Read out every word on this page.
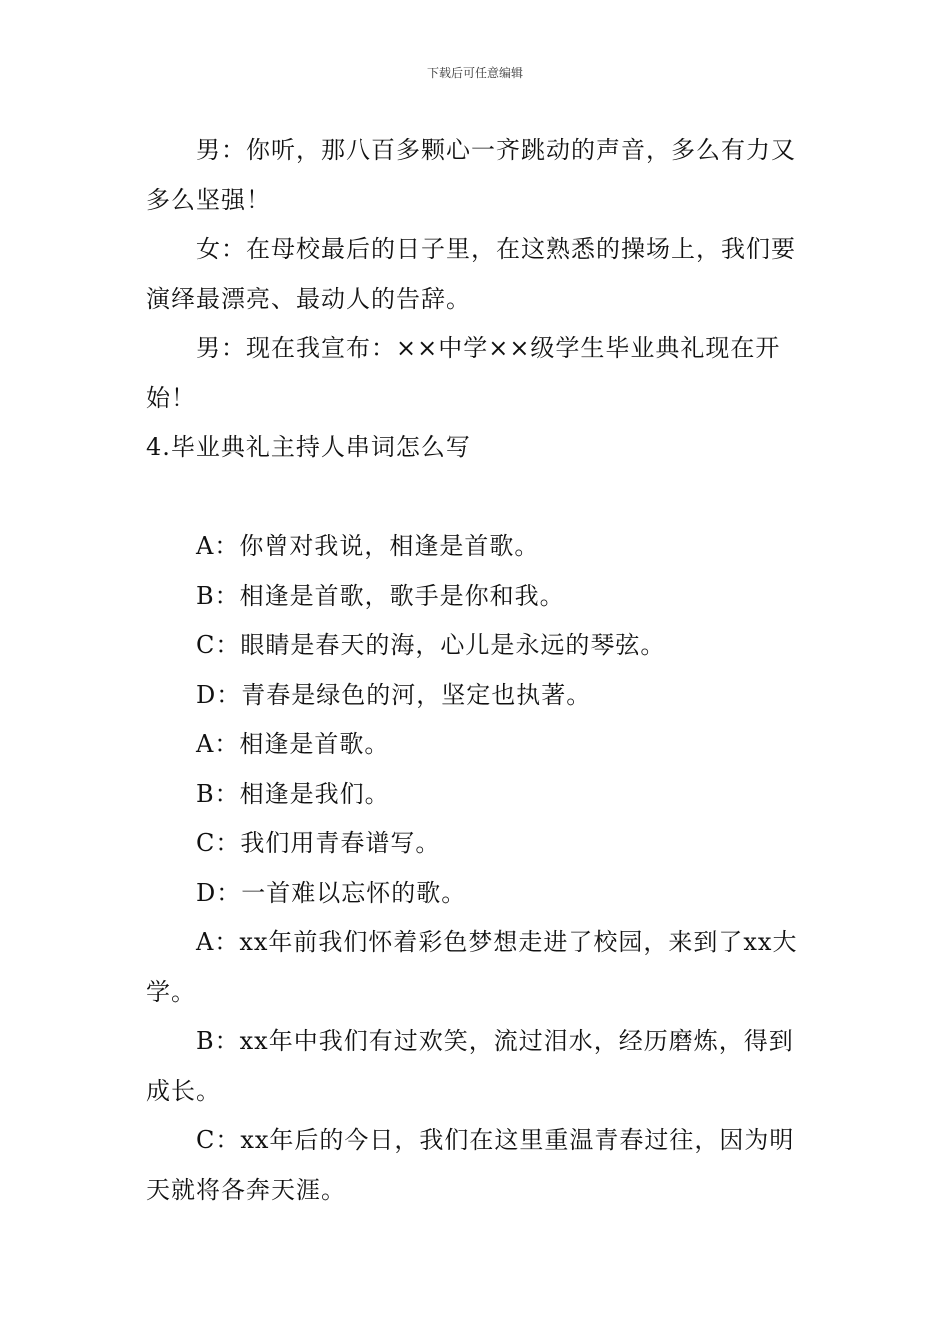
下载后可任意编辑

男：你听，那八百多颗心一齐跳动的声音，多么有力又多么坚强！

女：在母校最后的日子里，在这熟悉的操场上，我们要演绎最漂亮、最动人的告辞。

男：现在我宣布：××中学××级学生毕业典礼现在开始！

4.毕业典礼主持人串词怎么写

A：你曾对我说，相逢是首歌。

B：相逢是首歌，歌手是你和我。

C：眼睛是春天的海，心儿是永远的琴弦。

D：青春是绿色的河，坚定也执著。

A：相逢是首歌。

B：相逢是我们。

C：我们用青春谱写。

D：一首难以忘怀的歌。

A：xx年前我们怀着彩色梦想走进了校园，来到了xx大学。

B：xx年中我们有过欢笑，流过泪水，经历磨炼，得到成长。

C：xx年后的今日，我们在这里重温青春过往，因为明天就将各奔天涯。
